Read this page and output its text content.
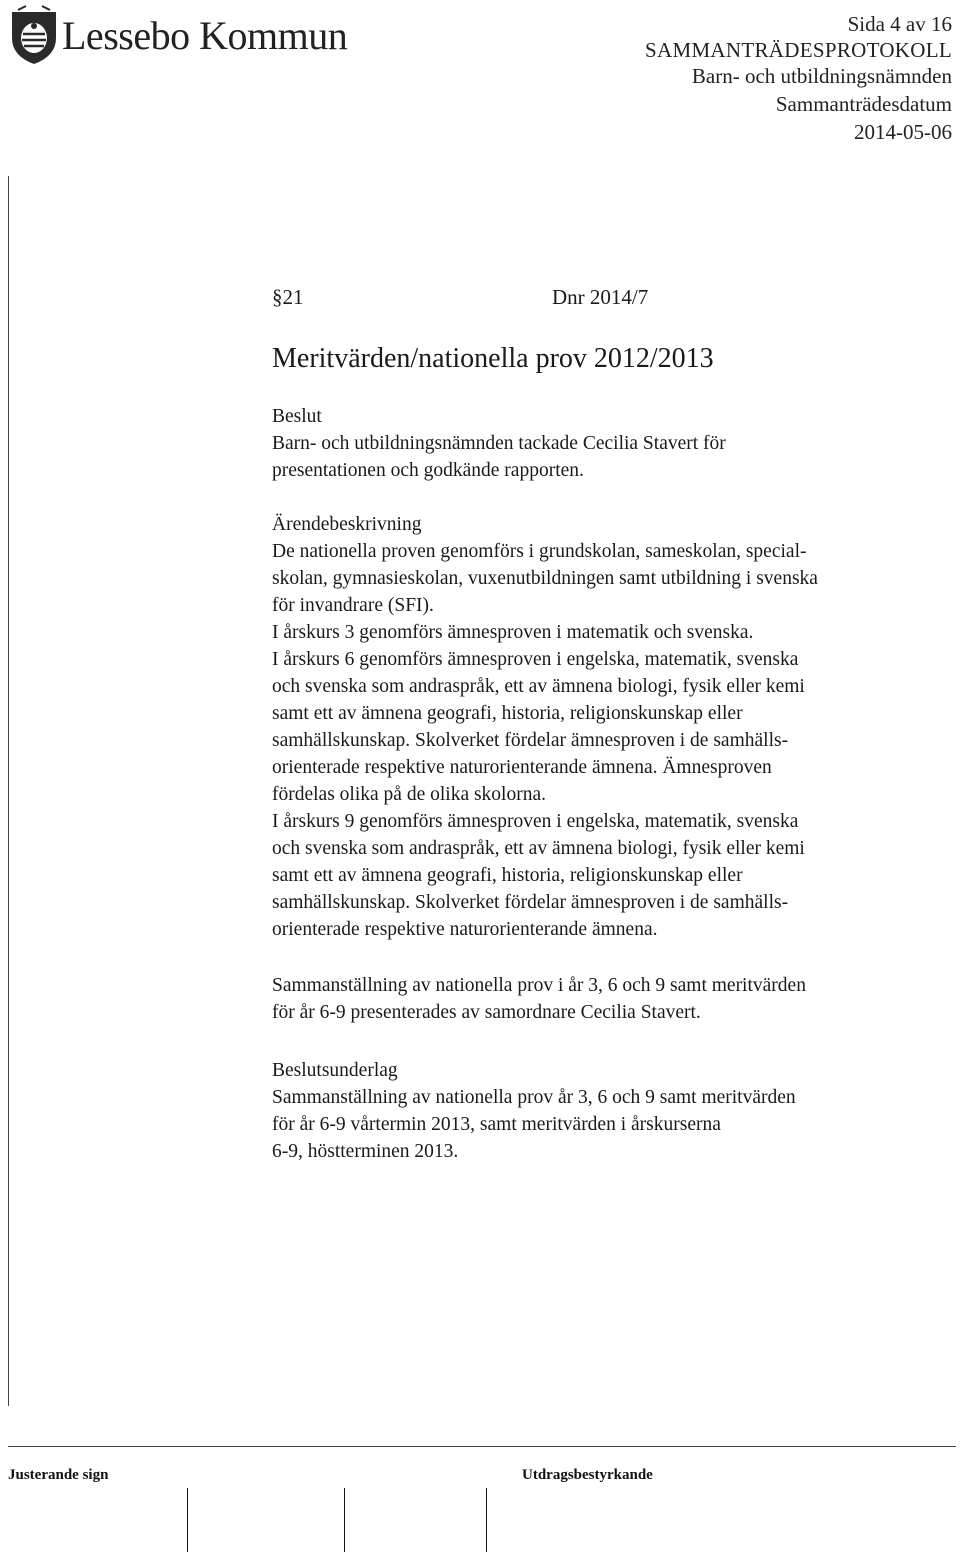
Lessebo Kommun	Sida 4 av 16
SAMMANTRÄDESPROTOKOLL
Barn- och utbildningsnämnden
Sammanträdesdatum
2014-05-06
§21	Dnr 2014/7
Meritvärden/nationella prov 2012/2013
Beslut
Barn- och utbildningsnämnden tackade Cecilia Stavert för
presentationen och godkände rapporten.
Ärendebeskrivning
De nationella proven genomförs i grundskolan, sameskolan, special-
skolan, gymnasieskolan, vuxenutbildningen samt utbildning i svenska
för invandrare (SFI).
I årskurs 3 genomförs ämnesproven i matematik och svenska.
I årskurs 6 genomförs ämnesproven i engelska, matematik, svenska
och svenska som andraspråk, ett av ämnena biologi, fysik eller kemi
samt ett av ämnena geografi, historia, religionskunskap eller
samhällskunskap. Skolverket fördelar ämnesproven i de samhälls-
orienterade respektive naturorienterande ämnena. Ämnesproven
fördelas olika på de olika skolorna.
I årskurs 9 genomförs ämnesproven i engelska, matematik, svenska
och svenska som andraspråk, ett av ämnena biologi, fysik eller kemi
samt ett av ämnena geografi, historia, religionskunskap eller
samhällskunskap. Skolverket fördelar ämnesproven i de samhälls-
orienterade respektive naturorienterande ämnena.
Sammanställning av nationella prov i år 3, 6 och 9 samt meritvärden
för år 6-9 presenterades av samordnare Cecilia Stavert.
Beslutsunderlag
Sammanställning av nationella prov år 3, 6 och 9 samt meritvärden
för år 6-9 vårtermin 2013, samt meritvärden i årskurserna
6-9, höstterminen 2013.
Justerande sign	Utdragsbestyrkande
